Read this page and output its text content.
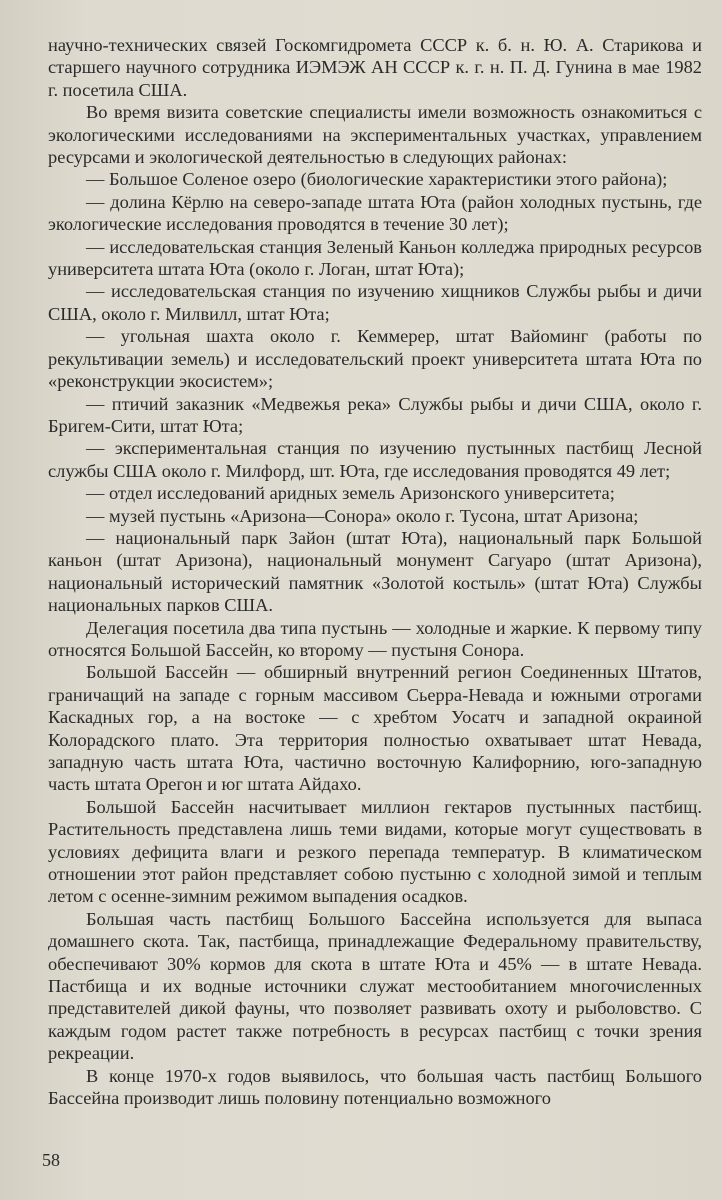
научно-технических связей Госкомгидромета СССР к. б. н. Ю. А. Старикова и старшего научного сотрудника ИЭМЭЖ АН СССР к. г. н. П. Д. Гунина в мае 1982 г. посетила США.

Во время визита советские специалисты имели возможность ознакомиться с экологическими исследованиями на экспериментальных участках, управлением ресурсами и экологической деятельностью в следующих районах:

— Большое Соленое озеро (биологические характеристики этого района);

— долина Кёрлю на северо-западе штата Юта (район холодных пустынь, где экологические исследования проводятся в течение 30 лет);

— исследовательская станция Зеленый Каньон колледжа природных ресурсов университета штата Юта (около г. Логан, штат Юта);

— исследовательская станция по изучению хищников Службы рыбы и дичи США, около г. Милвилл, штат Юта;

— угольная шахта около г. Кеммерер, штат Вайоминг (работы по рекультивации земель) и исследовательский проект университета штата Юта по «реконструкции экосистем»;

— птичий заказник «Медвежья река» Службы рыбы и дичи США, около г. Бригем-Сити, штат Юта;

— экспериментальная станция по изучению пустынных пастбищ Лесной службы США около г. Милфорд, шт. Юта, где исследования проводятся 49 лет;

— отдел исследований аридных земель Аризонского университета;

— музей пустынь «Аризона—Сонора» около г. Тусона, штат Аризона;

— национальный парк Зайон (штат Юта), национальный парк Большой каньон (штат Аризона), национальный монумент Сагуаро (штат Аризона), национальный исторический памятник «Золотой костыль» (штат Юта) Службы национальных парков США.

Делегация посетила два типа пустынь — холодные и жаркие. К первому типу относятся Большой Бассейн, ко второму — пустыня Сонора.

Большой Бассейн — обширный внутренний регион Соединенных Штатов, граничащий на западе с горным массивом Сьерра-Невада и южными отрогами Каскадных гор, а на востоке — с хребтом Уосатч и западной окраиной Колорадского плато. Эта территория полностью охватывает штат Невада, западную часть штата Юта, частично восточную Калифорнию, юго-западную часть штата Орегон и юг штата Айдахо.

Большой Бассейн насчитывает миллион гектаров пустынных пастбищ. Растительность представлена лишь теми видами, которые могут существовать в условиях дефицита влаги и резкого перепада температур. В климатическом отношении этот район представляет собою пустыню с холодной зимой и теплым летом с осенне-зимним режимом выпадения осадков.

Большая часть пастбищ Большого Бассейна используется для выпаса домашнего скота. Так, пастбища, принадлежащие Федеральному правительству, обеспечивают 30% кормов для скота в штате Юта и 45% — в штате Невада. Пастбища и их водные источники служат местообитанием многочисленных представителей дикой фауны, что позволяет развивать охоту и рыболовство. С каждым годом растет также потребность в ресурсах пастбищ с точки зрения рекреации.

В конце 1970-х годов выявилось, что большая часть пастбищ Большого Бассейна производит лишь половину потенциально возможного

58
